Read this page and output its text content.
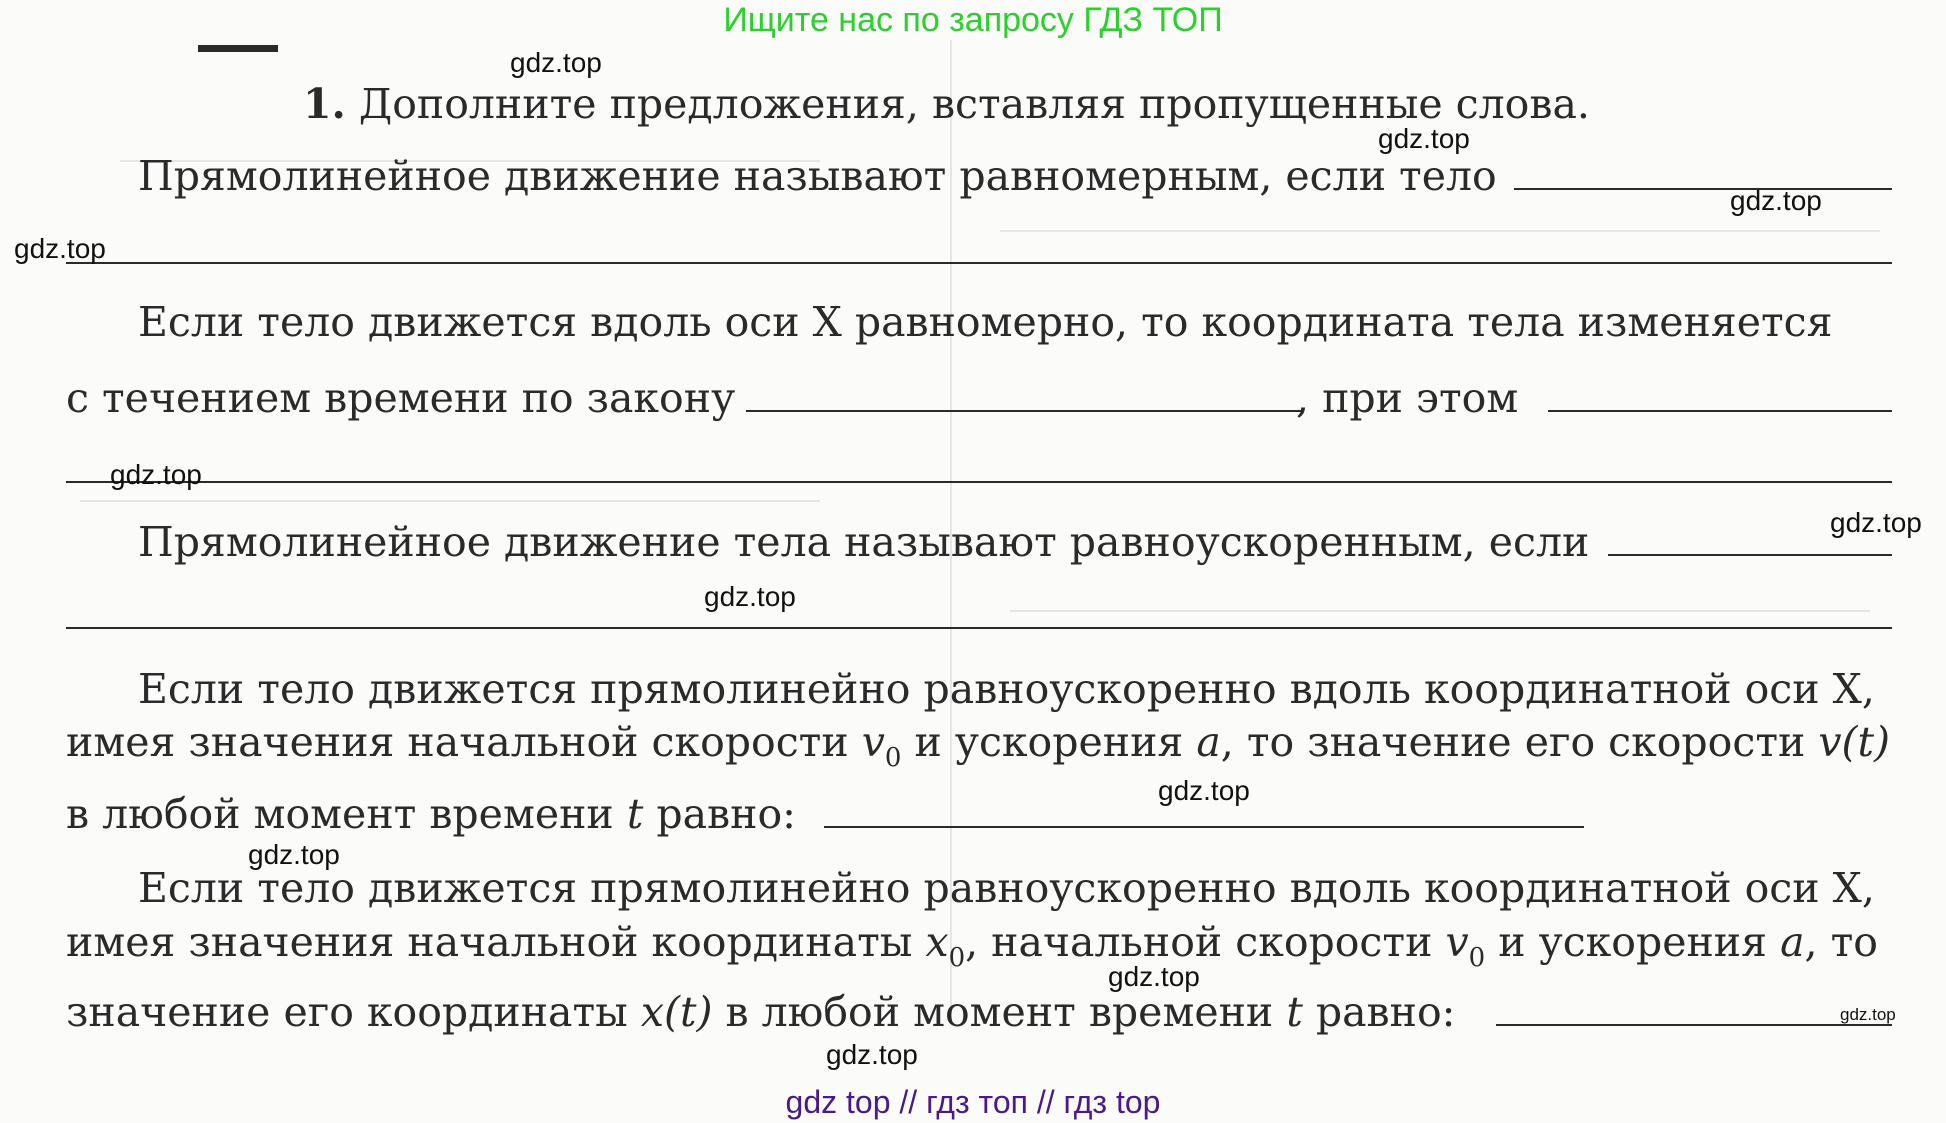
Ищите нас по запросу ГДЗ ТОП
1. Дополните предложения, вставляя пропущенные слова.
Прямолинейное движение называют равномерным, если тело
Если тело движется вдоль оси X равномерно, то координата тела изменяется
с течением времени по закону	, при этом
Прямолинейное движение тела называют равноускоренным, если
Если тело движется прямолинейно равноускоренно вдоль координатной оси X,
имея значения начальной скорости $v_0$ и ускорения a, то значение его скорости v(t)
в любой момент времени t равно:
Если тело движется прямолинейно равноускоренно вдоль координатной оси X,
имея значения начальной координаты $x_0$, начальной скорости $v_0$ и ускорения a, то
значение его координаты x(t) в любой момент времени t равно:
gdz.top
gdz.top
gdz.top
gdz.top
gdz.top
gdz.top
gdz.top
gdz.top
gdz.top
gdz.top
gdz.top
gdz.top
gdz top // гдз топ // гдз top
